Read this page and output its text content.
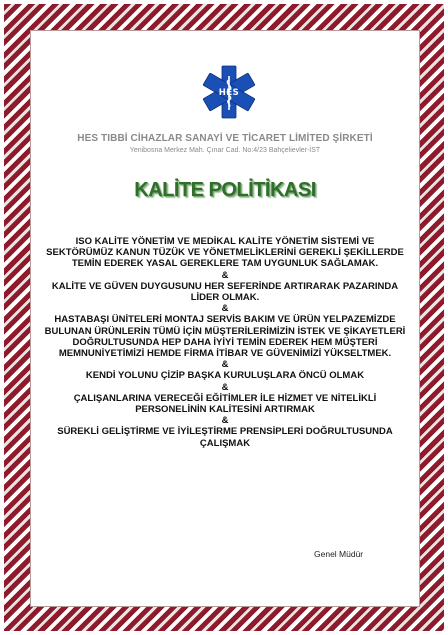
HES
HES TIBBİ CİHAZLAR SANAYİ VE TİCARET LİMİTED ŞİRKETİ
Yenibosna Merkez Mah. Çınar Cad. No:4/23 Bahçelievler-İST
KALİTE POLİTİKASI

ISO KALİTE YÖNETİM VE MEDİKAL KALİTE YÖNETİM SİSTEMİ VE SEKTÖRÜMÜZ KANUN TÜZÜK VE YÖNETMELİKLERİNİ GEREKLİ ŞEKİLLERDE TEMİN EDEREK YASAL GEREKLERE TAM UYGUNLUK SAĞLAMAK.

&

KALİTE VE GÜVEN DUYGUSUNU HER SEFERİNDE ARTIRARAK PAZARINDA LİDER OLMAK.

&

HASTABAŞI ÜNİTELERİ MONTAJ SERVİS BAKIM VE ÜRÜN YELPAZEMİZDE BULUNAN ÜRÜNLERİN TÜMÜ İÇİN MÜŞTERİLERİMİZİN İSTEK VE ŞİKAYETLERİ DOĞRULTUSUNDA HEP DAHA İYİYİ TEMİN EDEREK HEM MÜŞTERİ MEMNUNİYETİMİZİ HEMDE FİRMA İTİBAR VE GÜVENİMİZİ YÜKSELTMEK.

&

KENDİ YOLUNU ÇİZİP BAŞKA KURULUŞLARA ÖNCÜ OLMAK

&

ÇALIŞANLARINA VERECEĞİ EĞİTİMLER İLE HİZMET VE NİTELİKLİ PERSONELİNİN KALİTESİNİ ARTIRMAK

&

SÜREKLİ GELİŞTİRME VE İYİLEŞTİRME PRENSİPLERİ DOĞRULTUSUNDA ÇALIŞMAK

Genel Müdür
